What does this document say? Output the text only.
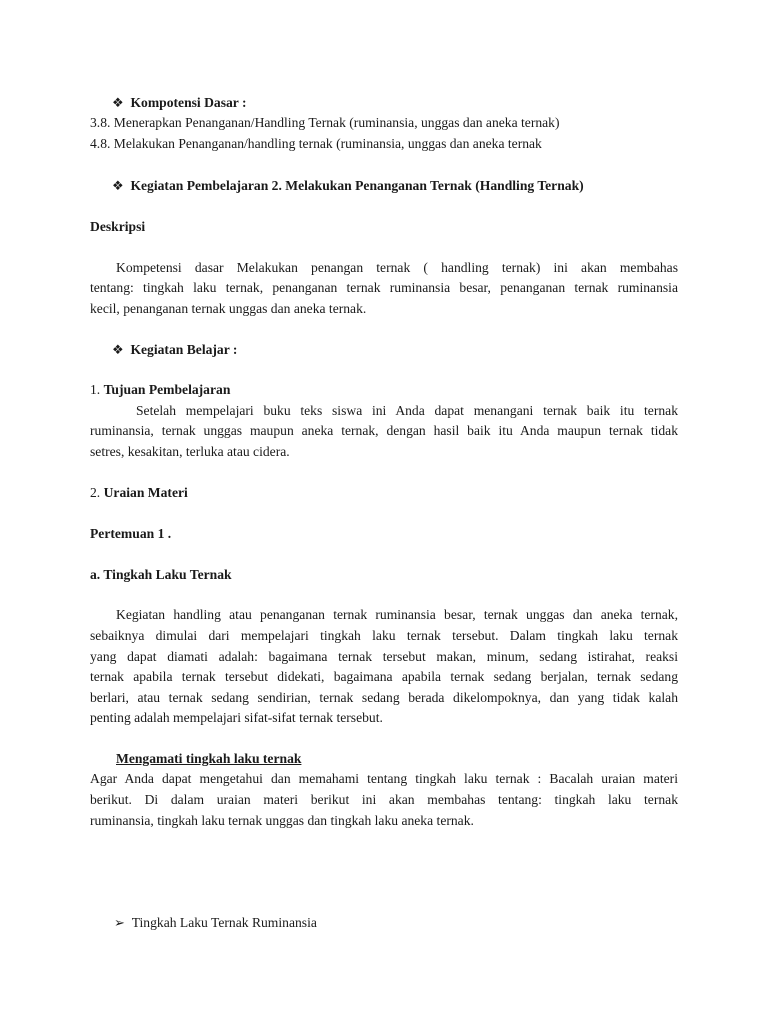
❖ Kompotensi Dasar :
3.8. Menerapkan Penanganan/Handling Ternak (ruminansia, unggas dan aneka ternak)
4.8. Melakukan Penanganan/handling ternak (ruminansia, unggas dan aneka ternak
❖ Kegiatan Pembelajaran 2. Melakukan Penanganan Ternak (Handling Ternak)
Deskripsi
Kompetensi dasar Melakukan penangan ternak ( handling ternak) ini akan membahas
tentang: tingkah laku ternak, penanganan ternak ruminansia besar, penanganan ternak ruminansia
kecil, penanganan ternak unggas dan aneka ternak.
❖ Kegiatan Belajar :
1. Tujuan Pembelajaran
Setelah mempelajari buku teks siswa ini Anda dapat menangani ternak baik itu ternak
ruminansia, ternak unggas maupun aneka ternak, dengan hasil baik itu Anda maupun ternak tidak
setres, kesakitan, terluka atau cidera.
2. Uraian Materi
Pertemuan 1 .
a. Tingkah Laku Ternak
Kegiatan handling atau penanganan ternak ruminansia besar, ternak unggas dan aneka ternak,
sebaiknya dimulai dari mempelajari tingkah laku ternak tersebut. Dalam tingkah laku ternak
yang dapat diamati adalah: bagaimana ternak tersebut makan, minum, sedang istirahat, reaksi
ternak apabila ternak tersebut didekati, bagaimana apabila ternak sedang berjalan, ternak sedang
berlari, atau ternak sedang sendirian, ternak sedang berada dikelompoknya, dan yang tidak kalah
penting adalah mempelajari sifat-sifat ternak tersebut.
Mengamati tingkah laku ternak
Agar Anda dapat mengetahui dan memahami tentang tingkah laku ternak : Bacalah uraian materi
berikut. Di dalam uraian materi berikut ini akan membahas tentang: tingkah laku ternak
ruminansia, tingkah laku ternak unggas dan tingkah laku aneka ternak.
➢ Tingkah Laku Ternak Ruminansia
